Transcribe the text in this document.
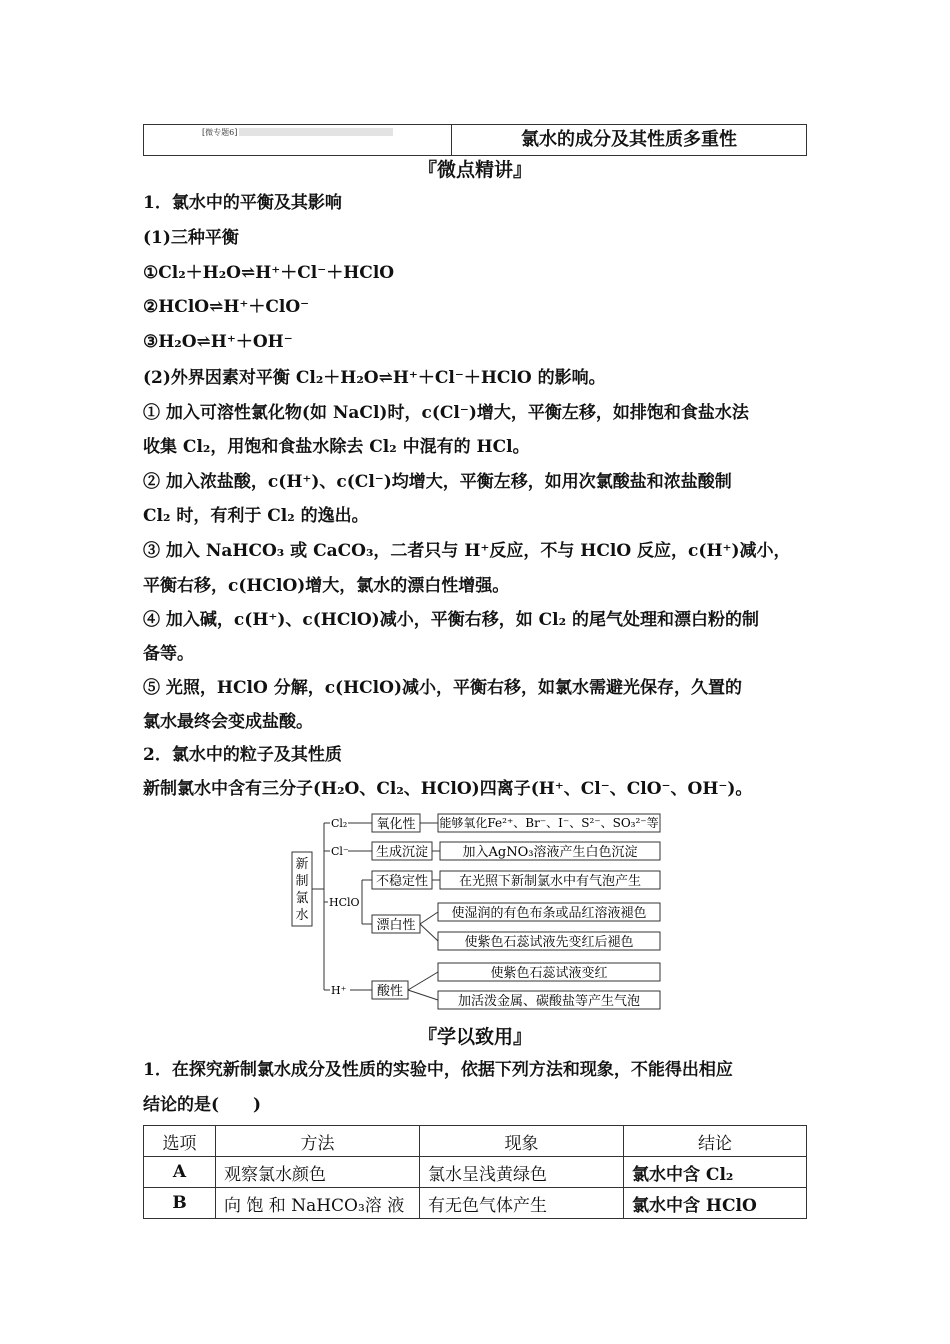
[微专题6]	氯水的成分及其性质多重性
『微点精讲』
1．氯水中的平衡及其影响
(1)三种平衡
①Cl₂＋H₂O⇌H⁺＋Cl⁻＋HClO
②HClO⇌H⁺＋ClO⁻
③H₂O⇌H⁺＋OH⁻
(2)外界因素对平衡 Cl₂＋H₂O⇌H⁺＋Cl⁻＋HClO 的影响。
① 加入可溶性氯化物(如 NaCl)时，c(Cl⁻)增大，平衡左移，如排饱和食盐水法
收集 Cl₂，用饱和食盐水除去 Cl₂ 中混有的 HCl。
② 加入浓盐酸，c(H⁺)、c(Cl⁻)均增大，平衡左移，如用次氯酸盐和浓盐酸制
Cl₂ 时，有利于 Cl₂ 的逸出。
③ 加入 NaHCO₃ 或 CaCO₃，二者只与 H⁺反应，不与 HClO 反应，c(H⁺)减小，
平衡右移，c(HClO)增大，氯水的漂白性增强。
④ 加入碱，c(H⁺)、c(HClO)减小，平衡右移，如 Cl₂ 的尾气处理和漂白粉的制
备等。
⑤ 光照，HClO 分解，c(HClO)减小，平衡右移，如氯水需避光保存，久置的
氯水最终会变成盐酸。
2．氯水中的粒子及其性质
新制氯水中含有三分子(H₂O、Cl₂、HClO)四离子(H⁺、Cl⁻、ClO⁻、OH⁻)。
新
制
氯
水
Cl₂
Cl⁻
HClO
H⁺
氧化性
生成沉淀
不稳定性
漂白性
酸性
能够氧化Fe²⁺、Br⁻、I⁻、S²⁻、SO₃²⁻等
加入AgNO₃溶液产生白色沉淀
在光照下新制氯水中有气泡产生
使湿润的有色布条或品红溶液褪色
使紫色石蕊试液先变红后褪色
使紫色石蕊试液变红
加活泼金属、碳酸盐等产生气泡
『学以致用』
1．在探究新制氯水成分及性质的实验中，依据下列方法和现象，不能得出相应
结论的是(　　)
选项	方法	现象	结论
A	观察氯水颜色	氯水呈浅黄绿色	氯水中含 Cl₂
B	向 饱 和 NaHCO₃溶 液	有无色气体产生	氯水中含 HClO
